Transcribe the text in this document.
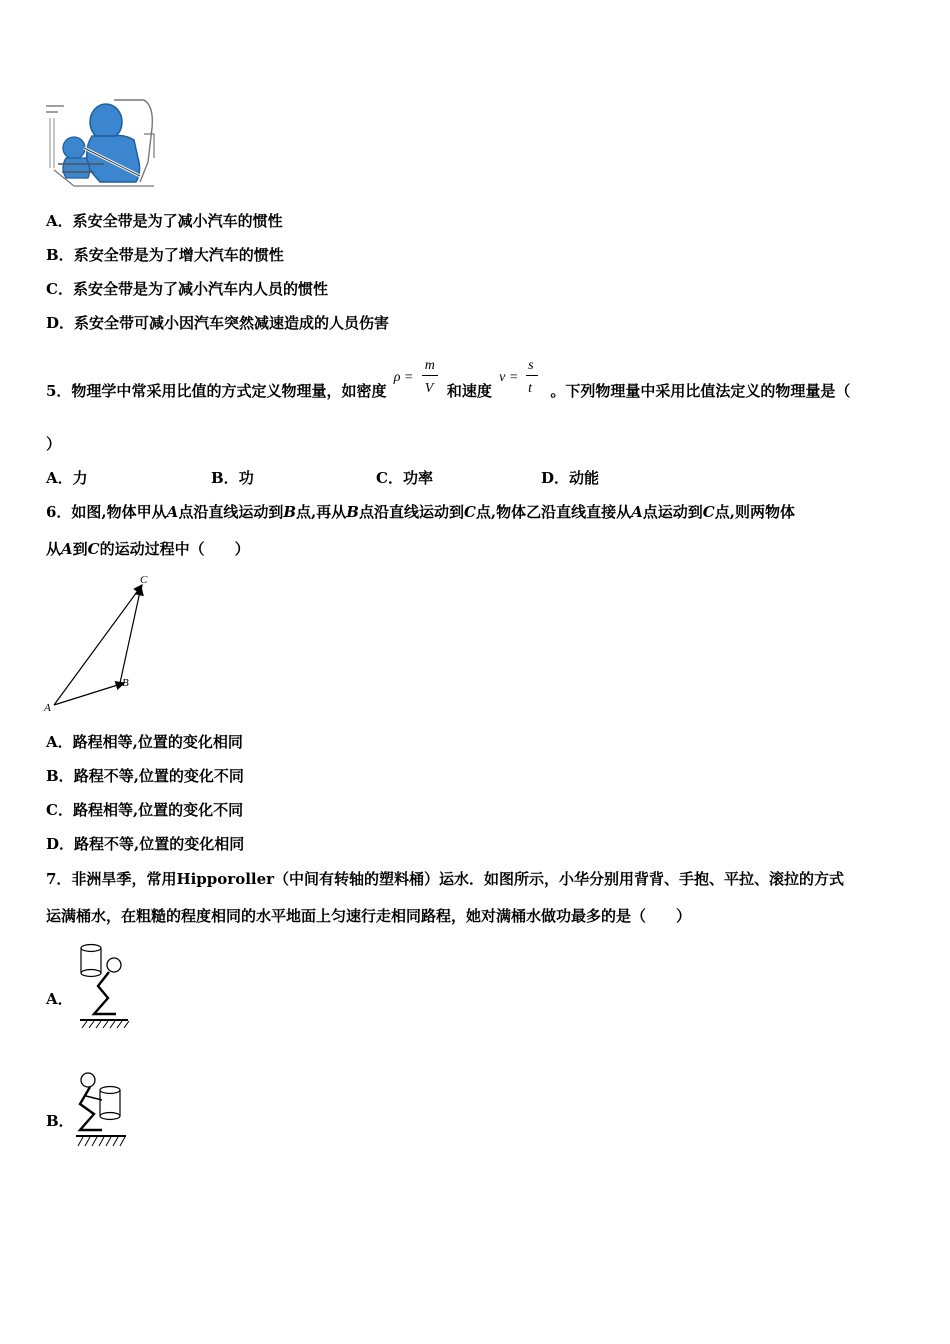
A．系安全带是为了减小汽车的惯性
B．系安全带是为了增大汽车的惯性
C．系安全带是为了减小汽车内人员的惯性
D．系安全带可减小因汽车突然减速造成的人员伤害
5．物理学中常采用比值的方式定义物理量，如密度
ρ =
m
V 和速度
v =
s
t 。下列物理量中采用比值法定义的物理量是（
）
A．力	B．功	C．功率	D．动能
6．如图,物体甲从A点沿直线运动到B点,再从B点沿直线运动到C点,物体乙沿直线直接从A点运动到C点,则两物体
从A到C的运动过程中（　　）
A
B
C
A．路程相等,位置的变化相同
B．路程不等,位置的变化不同
C．路程相等,位置的变化不同
D．路程不等,位置的变化相同
7．非洲旱季，常用Hipporoller（中间有转轴的塑料桶）运水．如图所示，小华分别用背背、手抱、平拉、滚拉的方式
运满桶水，在粗糙的程度相同的水平地面上匀速行走相同路程，她对满桶水做功最多的是（　　）
A．
B．
